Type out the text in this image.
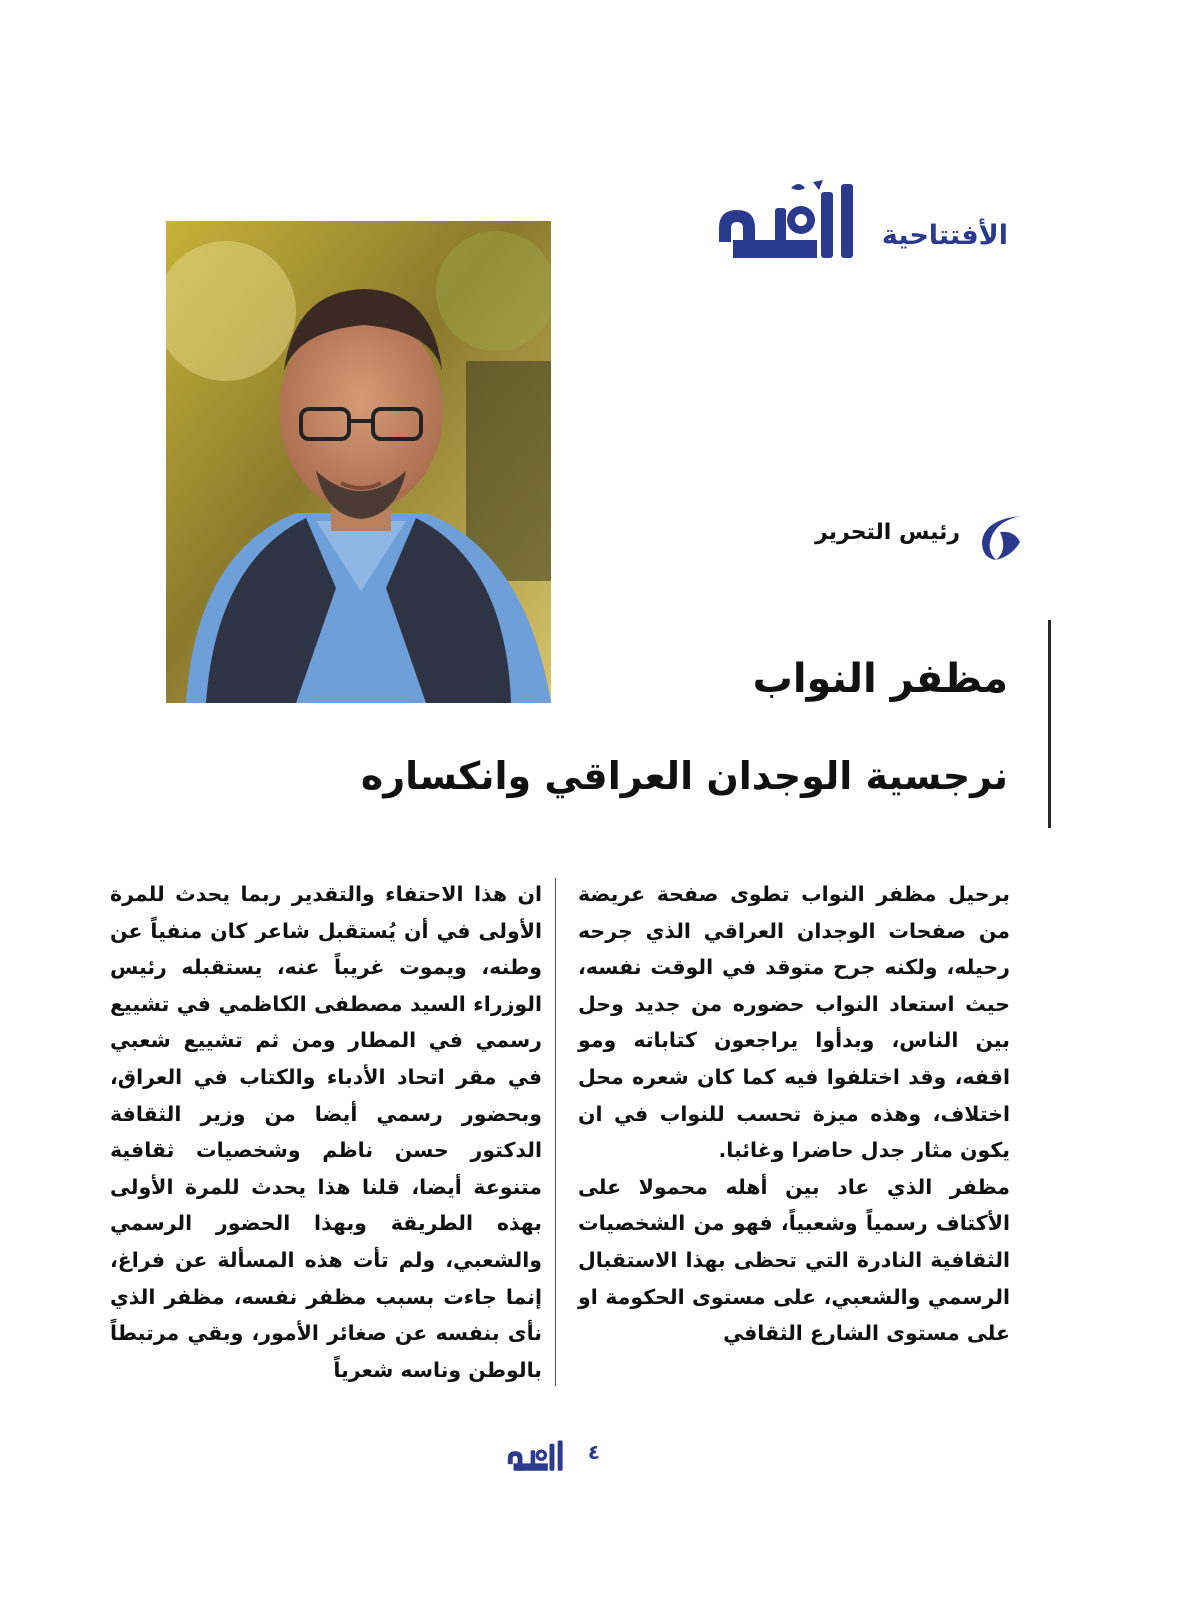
الأفتتاحية
رئيس التحرير
مظفر النواب
نرجسية الوجدان العراقي وانكساره

برحيل مظفر النواب تطوى صفحة عريضة من صفحات الوجدان العراقي الذي جرحه رحيله، ولكنه جرح متوقد في الوقت نفسه، حيث استعاد النواب حضوره من جديد وحل بين الناس، وبدأوا يراجعون كتاباته ومو اقفه، وقد اختلفوا فيه كما كان شعره محل اختلاف، وهذه ميزة تحسب للنواب في ان يكون مثار جدل حاضرا وغائبا.

مظفر الذي عاد بين أهله محمولا على الأكتاف رسمياً وشعبياً، فهو من الشخصيات الثقافية النادرة التي تحظى بهذا الاستقبال الرسمي والشعبي، على مستوى الحكومة او على مستوى الشارع الثقافي

ان هذا الاحتفاء والتقدير ربما يحدث للمرة الأولى في أن يُستقبل شاعر كان منفياً عن وطنه، ويموت غريباً عنه، يستقبله رئيس الوزراء السيد مصطفى الكاظمي في تشييع رسمي في المطار ومن ثم تشييع شعبي في مقر اتحاد الأدباء والكتاب في العراق، وبحضور رسمي أيضا من وزير الثقافة الدكتور حسن ناظم وشخصيات ثقافية متنوعة أيضا، قلنا هذا يحدث للمرة الأولى بهذه الطريقة وبهذا الحضور الرسمي والشعبي، ولم تأت هذه المسألة عن فراغ، إنما جاءت بسبب مظفر نفسه، مظفر الذي نأى بنفسه عن صغائر الأمور، وبقي مرتبطاً بالوطن وناسه شعرياً

٤
